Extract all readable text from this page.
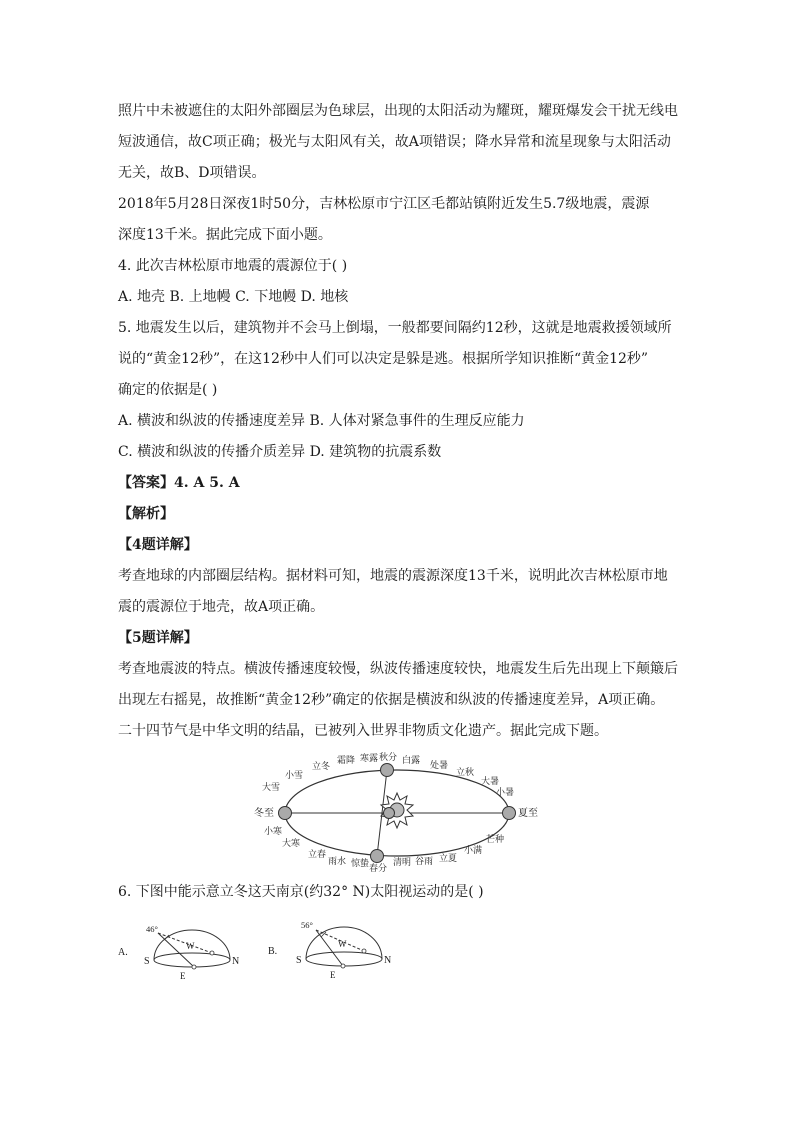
照片中未被遮住的太阳外部圈层为色球层，出现的太阳活动为耀斑，耀斑爆发会干扰无线电
短波通信，故C项正确；极光与太阳风有关，故A项错误；降水异常和流星现象与太阳活动
无关，故B、D项错误。
2018年5月28日深夜1时50分，吉林松原市宁江区毛都站镇附近发生5.7级地震，震源
深度13千米。据此完成下面小题。
4. 此次吉林松原市地震的震源位于( )
A. 地壳 B. 上地幔 C. 下地幔 D. 地核
5. 地震发生以后，建筑物并不会马上倒塌，一般都要间隔约12秒，这就是地震救援领域所
说的“黄金12秒”，在这12秒中人们可以决定是躲是逃。根据所学知识推断“黄金12秒”
确定的依据是( )
A. 横波和纵波的传播速度差异 B. 人体对紧急事件的生理反应能力
C. 横波和纵波的传播介质差异 D. 建筑物的抗震系数
【答案】4. A 5. A
【解析】
【4题详解】
考查地球的内部圈层结构。据材料可知，地震的震源深度13千米，说明此次吉林松原市地
震的震源位于地壳，故A项正确。
【5题详解】
考查地震波的特点。横波传播速度较慢，纵波传播速度较快，地震发生后先出现上下颠簸后
出现左右摇晃，故推断“黄金12秒”确定的依据是横波和纵波的传播速度差异，A项正确。
二十四节气是中华文明的结晶，已被列入世界非物质文化遗产。据此完成下题。
冬至	夏至
秋分
春分
大雪
小雪
立冬
霜降 寒露	白露 处暑
立秋
大暑
小暑
小寒
大寒
立春
雨水 惊蛰	清明 谷雨 立夏
小满
芒种
6. 下图中能示意立冬这天南京(约32° N)太阳视运动的是( )
A.
46°
S	N
E
W	B.
56°
S	N
E
W
